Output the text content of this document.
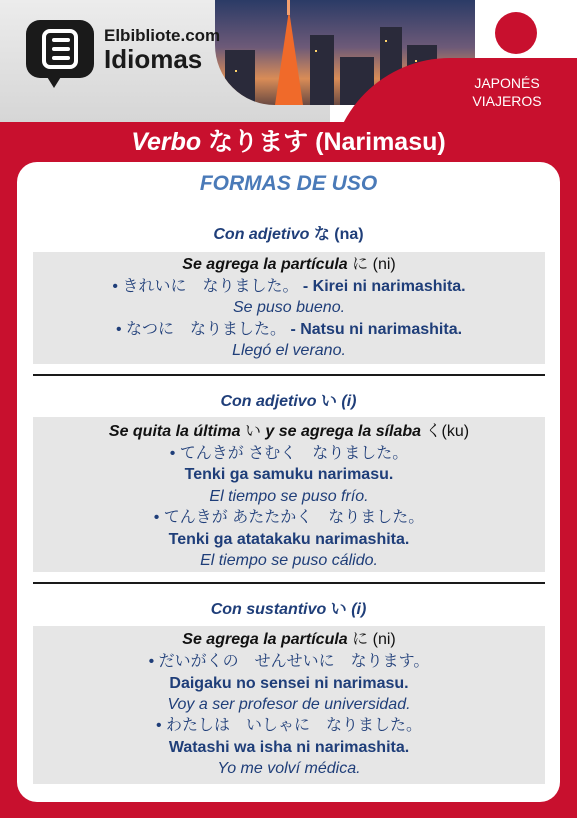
JAPONÉS
VIAJEROS
Elbibliote.com
Idiomas
Verbo なります (Narimasu)
FORMAS DE USO
Con adjetivo な (na)
Se agrega la partícula に (ni)
• きれいに　なりました。 - Kirei ni narimashita.
Se puso bueno.
• なつに　なりました。 - Natsu ni narimashita.
Llegó el verano.
Con adjetivo い (i)
Se quita la última い y se agrega la sílaba く(ku)
• てんきが さむく　なりました。
Tenki ga samuku narimasu.
El tiempo se puso frío.
• てんきが あたたかく　なりました。
Tenki ga atatakaku narimashita.
El tiempo se puso cálido.
Con sustantivo い (i)
Se agrega la partícula に (ni)
• だいがくの　せんせいに　なります。
Daigaku no sensei ni narimasu.
Voy a ser profesor de universidad.
• わたしは　いしゃに　なりました。
Watashi wa isha ni narimashita.
Yo me volví médica.
